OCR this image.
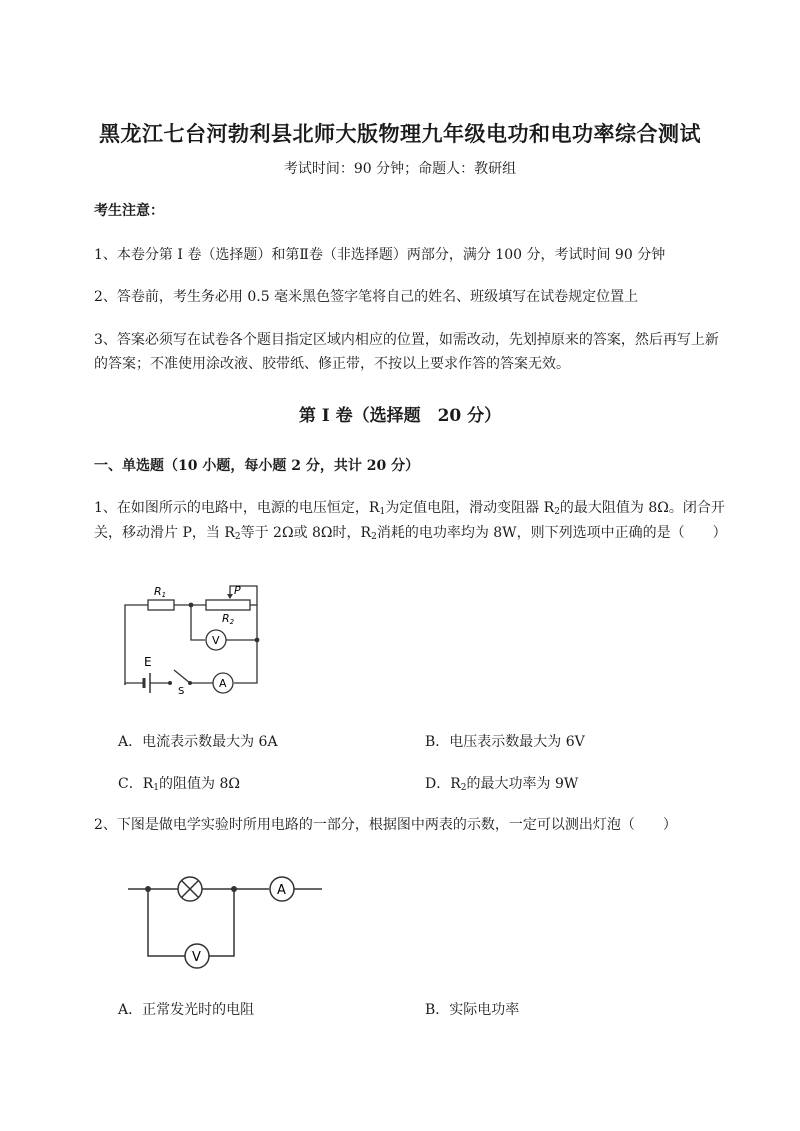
黑龙江七台河勃利县北师大版物理九年级电功和电功率综合测试
考试时间：90 分钟；命题人：教研组
考生注意：
1、本卷分第 I 卷（选择题）和第Ⅱ卷（非选择题）两部分，满分 100 分，考试时间 90 分钟
2、答卷前，考生务必用 0.5 毫米黑色签字笔将自己的姓名、班级填写在试卷规定位置上
3、答案必须写在试卷各个题目指定区域内相应的位置，如需改动，先划掉原来的答案，然后再写上新
的答案；不准使用涂改液、胶带纸、修正带，不按以上要求作答的答案无效。
第 I 卷（选择题　20 分）
一、单选题（10 小题，每小题 2 分，共计 20 分）
1、在如图所示的电路中，电源的电压恒定，$R_1$为定值电阻，滑动变阻器 $R_2$的最大阻值为 8Ω。闭合开
关，移动滑片 P，当 $R_2$等于 2Ω或 8Ω时，$R_2$消耗的电功率均为 8W，则下列选项中正确的是（　　）
R1
R2
P
V
A
E
S
A．电流表示数最大为 6A	B．电压表示数最大为 6V
C．$R_1$的阻值为 8Ω	D．$R_2$的最大功率为 9W
2、下图是做电学实验时所用电路的一部分，根据图中两表的示数，一定可以测出灯泡（　　）
A
V
A．正常发光时的电阻	B．实际电功率
